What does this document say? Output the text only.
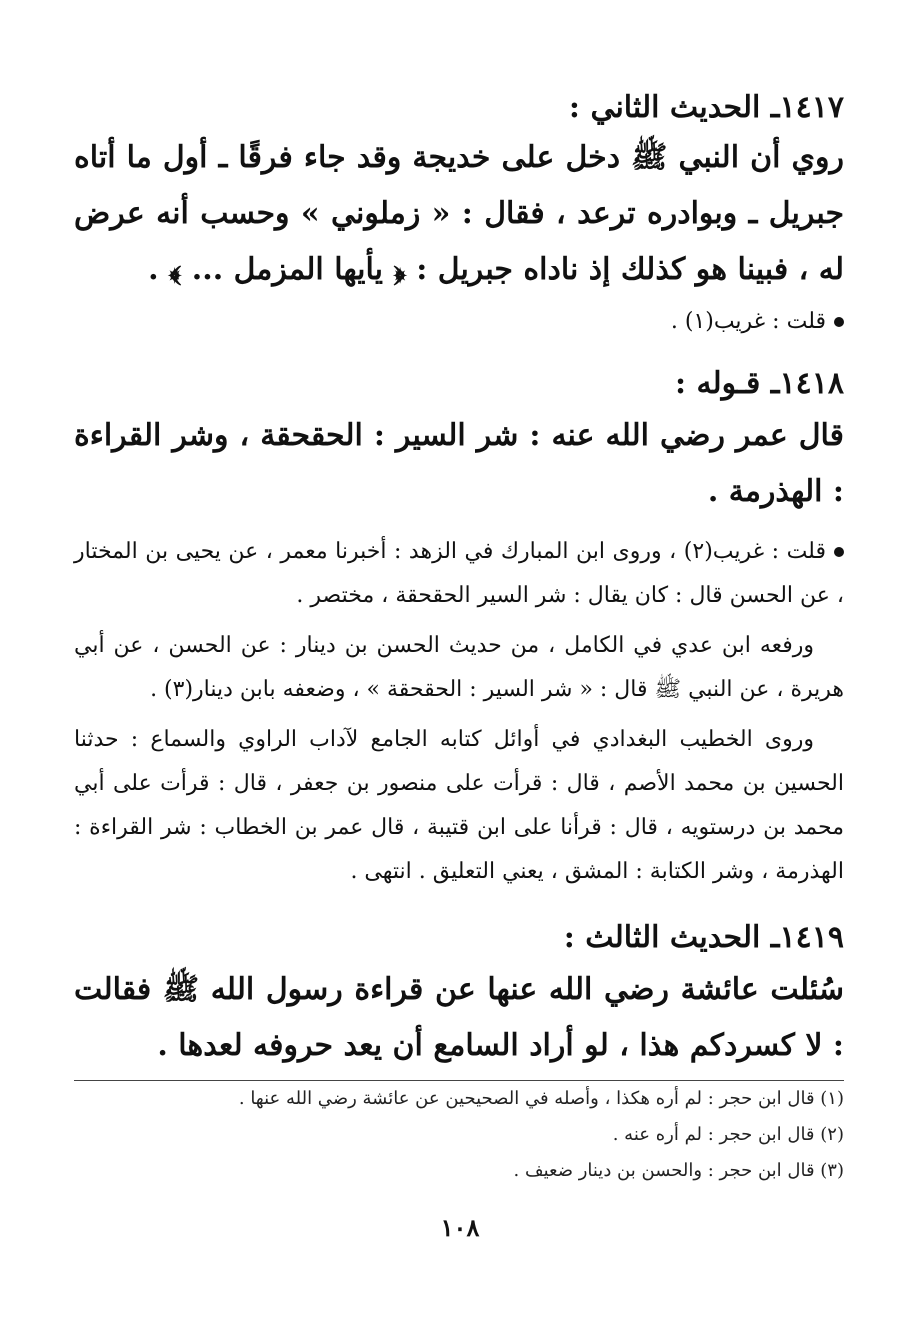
١٤١٧ـ الحديث الثاني :
روي أن النبي ﷺ دخل على خديجة وقد جاء فرقًا ـ أول ما أتاه جبريل ـ وبوادره ترعد ، فقال : « زملوني » وحسب أنه عرض له ، فبينا هو كذلك إذ ناداه جبريل : ﴿ يأيها المزمل ... ﴾ .
قلت : غريب(١) .
١٤١٨ـ قـوله :
قال عمر رضي الله عنه : شر السير : الحقحقة ، وشر القراءة : الهذرمة .
قلت : غريب(٢) ، وروى ابن المبارك في الزهد : أخبرنا معمر ، عن يحيى بن المختار ، عن الحسن قال : كان يقال : شر السير الحقحقة ، مختصر .
ورفعه ابن عدي في الكامل ، من حديث الحسن بن دينار : عن الحسن ، عن أبي هريرة ، عن النبي ﷺ قال : « شر السير : الحقحقة » ، وضعفه بابن دينار(٣) .
وروى الخطيب البغدادي في أوائل كتابه الجامع لآداب الراوي والسماع : حدثنا الحسين بن محمد الأصم ، قال : قرأت على منصور بن جعفر ، قال : قرأت على أبي محمد بن درستويه ، قال : قرأنا على ابن قتيبة ، قال عمر بن الخطاب : شر القراءة : الهذرمة ، وشر الكتابة : المشق ، يعني التعليق . انتهى .
١٤١٩ـ الحديث الثالث :
سُئلت عائشة رضي الله عنها عن قراءة رسول الله ﷺ فقالت : لا كسردكم هذا ، لو أراد السامع أن يعد حروفه لعدها .
(١) قال ابن حجر : لم أره هكذا ، وأصله في الصحيحين عن عائشة رضي الله عنها .
(٢) قال ابن حجر : لم أره عنه .
(٣) قال ابن حجر : والحسن بن دينار ضعيف .
١٠٨
